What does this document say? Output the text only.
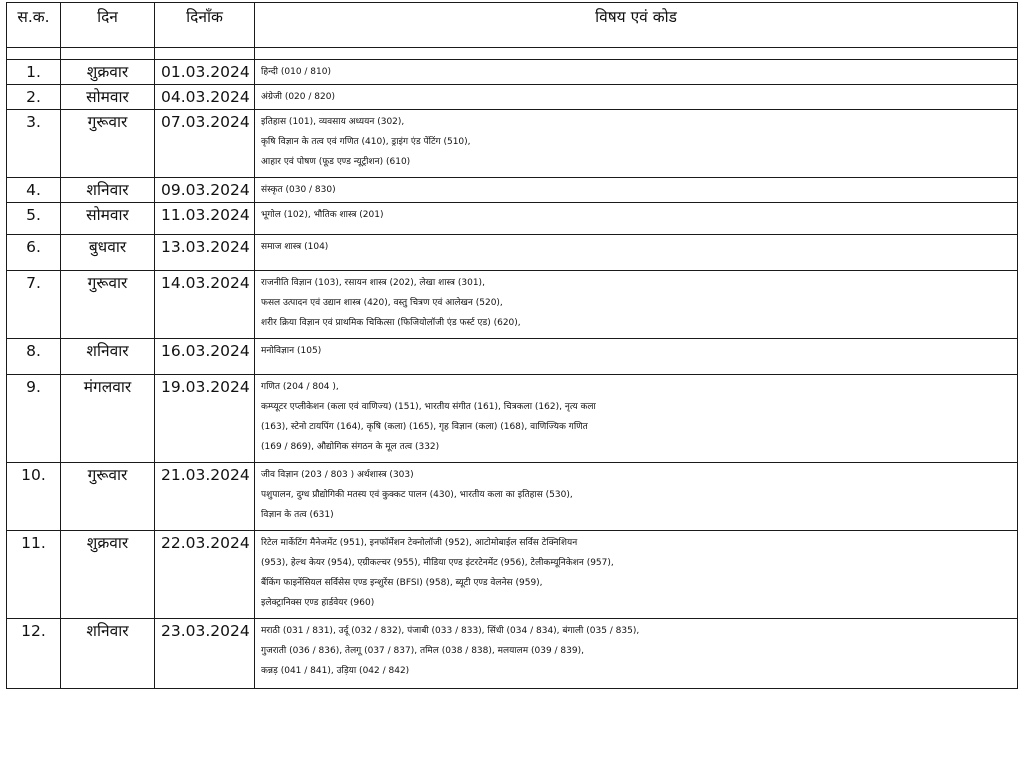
स.क.	दिन	दिनाँक	विषय एवं कोड

1.	शुक्रवार	01.03.2024	हिन्दी (010 / 810)

2.	सोमवार	04.03.2024	अंग्रेजी (020 / 820)

3.	गुरूवार	07.03.2024	इतिहास (101), व्यवसाय अध्ययन (302),
कृषि विज्ञान के तत्व एवं गणित (410), ड्राइंग एंड पेंटिंग (510),
आहार एवं पोषण (फूड एण्ड न्यूट्रीशन) (610)

4.	शनिवार	09.03.2024	संस्कृत (030 / 830)

5.	सोमवार	11.03.2024	भूगोल (102), भौतिक शास्त्र (201)

6.	बुधवार	13.03.2024	समाज शास्त्र (104)

7.	गुरूवार	14.03.2024	राजनीति विज्ञान (103), रसायन शास्त्र (202), लेखा शास्त्र (301),
फसल उत्पादन एवं उद्यान शास्त्र (420), वस्तु चित्रण एवं आलेखन (520),
शरीर क्रिया विज्ञान एवं प्राथमिक चिकित्सा (फिजियोलॉजी एंड फर्स्ट एड) (620),

8.	शनिवार	16.03.2024	मनोविज्ञान (105)

9.	मंगलवार	19.03.2024	गणित (204 / 804 ),
कम्प्यूटर एप्लीकेशन (कला एवं वाणिज्य) (151), भारतीय संगीत (161), चित्रकला (162), नृत्य कला
(163), स्टेनो टायपिंग (164), कृषि (कला) (165), गृह विज्ञान (कला) (168), वाणिज्यिक गणित
(169 / 869), औद्योगिक संगठन के मूल तत्व (332)

10.	गुरूवार	21.03.2024	जीव विज्ञान (203 / 803 ) अर्थशास्त्र (303)
पशुपालन, दुग्ध प्रौद्योगिकी मतस्य एवं कुक्कट पालन (430), भारतीय कला का इतिहास (530),
विज्ञान के तत्व (631)

11.	शुक्रवार	22.03.2024	रिटेल मार्केटिंग मैनेजमेंट (951), इनफॉर्मेशन टेक्नोलॉजी (952), आटोमोबाईल सर्विस टेक्निशियन
(953), हेल्थ केयर (954), एग्रीकल्चर (955), मीडिया एण्ड इंटरटेनमेंट (956), टेलीकम्यूनिकेशन (957),
बैंकिंग फाइनेंसियल सर्विसेस एण्ड इन्शुरेंस (BFSI) (958), ब्यूटी एण्ड वेलनेस (959),
इलेक्ट्रानिक्स एण्ड हार्डवेयर (960)

12.	शनिवार	23.03.2024	मराठी (031 / 831), उर्दू (032 / 832), पंजाबी (033 / 833), सिंधी (034 / 834), बंगाली (035 / 835),
गुजराती (036 / 836), तेलगू (037 / 837), तमिल (038 / 838), मलयालम (039 / 839),
कन्नड़ (041 / 841), उड़िया (042 / 842)
